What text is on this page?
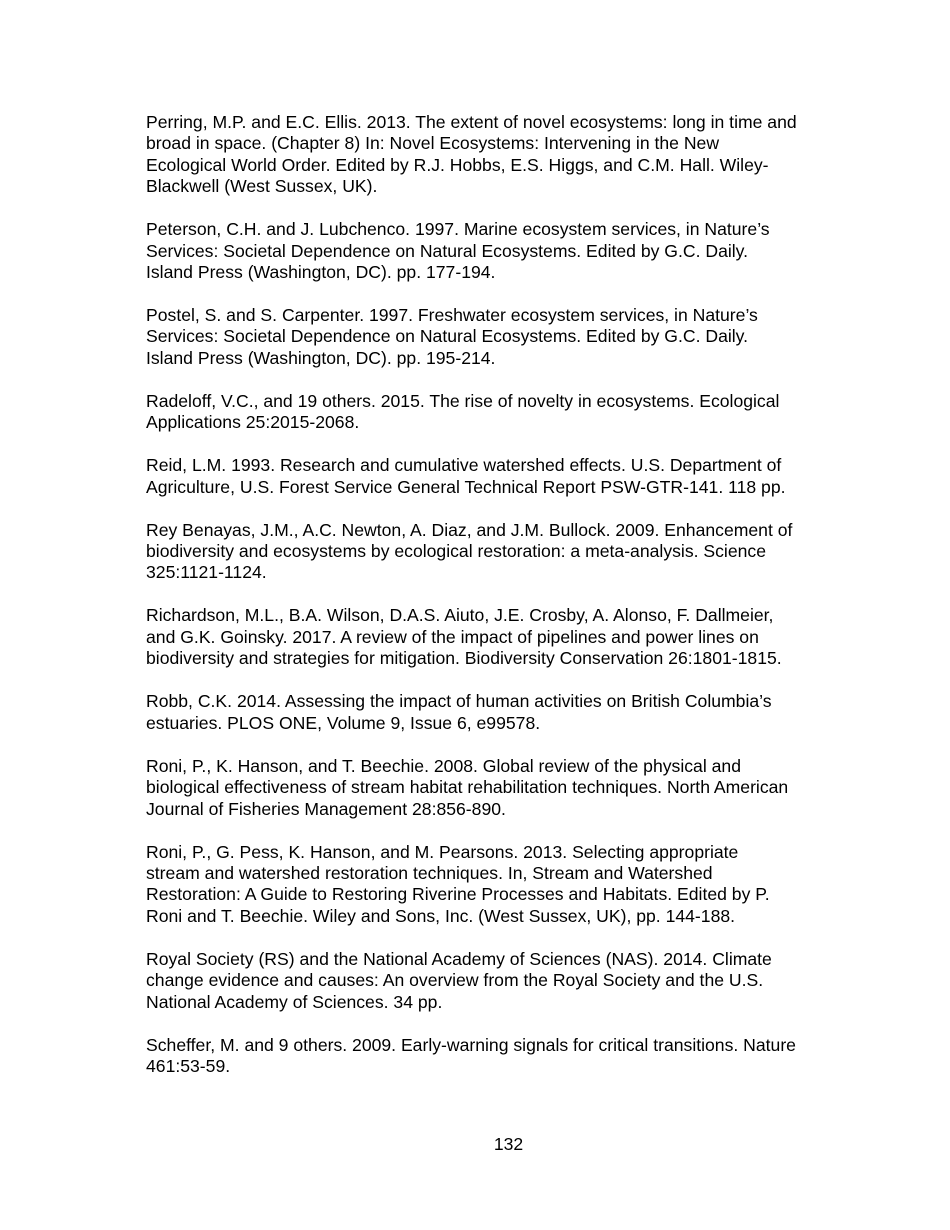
Perring, M.P. and E.C. Ellis. 2013. The extent of novel ecosystems: long in time and
broad in space. (Chapter 8) In: Novel Ecosystems: Intervening in the New
Ecological World Order. Edited by R.J. Hobbs, E.S. Higgs, and C.M. Hall. Wiley-
Blackwell (West Sussex, UK).

Peterson, C.H. and J. Lubchenco. 1997. Marine ecosystem services, in Nature’s
Services: Societal Dependence on Natural Ecosystems. Edited by G.C. Daily.
Island Press (Washington, DC). pp. 177-194.

Postel, S. and S. Carpenter. 1997. Freshwater ecosystem services, in Nature’s
Services: Societal Dependence on Natural Ecosystems. Edited by G.C. Daily.
Island Press (Washington, DC). pp. 195-214.

Radeloff, V.C., and 19 others. 2015. The rise of novelty in ecosystems. Ecological
Applications 25:2015-2068.

Reid, L.M. 1993. Research and cumulative watershed effects. U.S. Department of
Agriculture, U.S. Forest Service General Technical Report PSW-GTR-141. 118 pp.

Rey Benayas, J.M., A.C. Newton, A. Diaz, and J.M. Bullock. 2009. Enhancement of
biodiversity and ecosystems by ecological restoration: a meta-analysis. Science
325:1121-1124.

Richardson, M.L., B.A. Wilson, D.A.S. Aiuto, J.E. Crosby, A. Alonso, F. Dallmeier,
and G.K. Goinsky. 2017. A review of the impact of pipelines and power lines on
biodiversity and strategies for mitigation. Biodiversity Conservation 26:1801-1815.

Robb, C.K. 2014. Assessing the impact of human activities on British Columbia’s
estuaries. PLOS ONE, Volume 9, Issue 6, e99578.

Roni, P., K. Hanson, and T. Beechie. 2008. Global review of the physical and
biological effectiveness of stream habitat rehabilitation techniques. North American
Journal of Fisheries Management 28:856-890.

Roni, P., G. Pess, K. Hanson, and M. Pearsons. 2013. Selecting appropriate
stream and watershed restoration techniques. In, Stream and Watershed
Restoration: A Guide to Restoring Riverine Processes and Habitats. Edited by P.
Roni and T. Beechie. Wiley and Sons, Inc. (West Sussex, UK), pp. 144-188.

Royal Society (RS) and the National Academy of Sciences (NAS). 2014. Climate
change evidence and causes: An overview from the Royal Society and the U.S.
National Academy of Sciences. 34 pp.

Scheffer, M. and 9 others. 2009. Early-warning signals for critical transitions. Nature
461:53-59.

132
